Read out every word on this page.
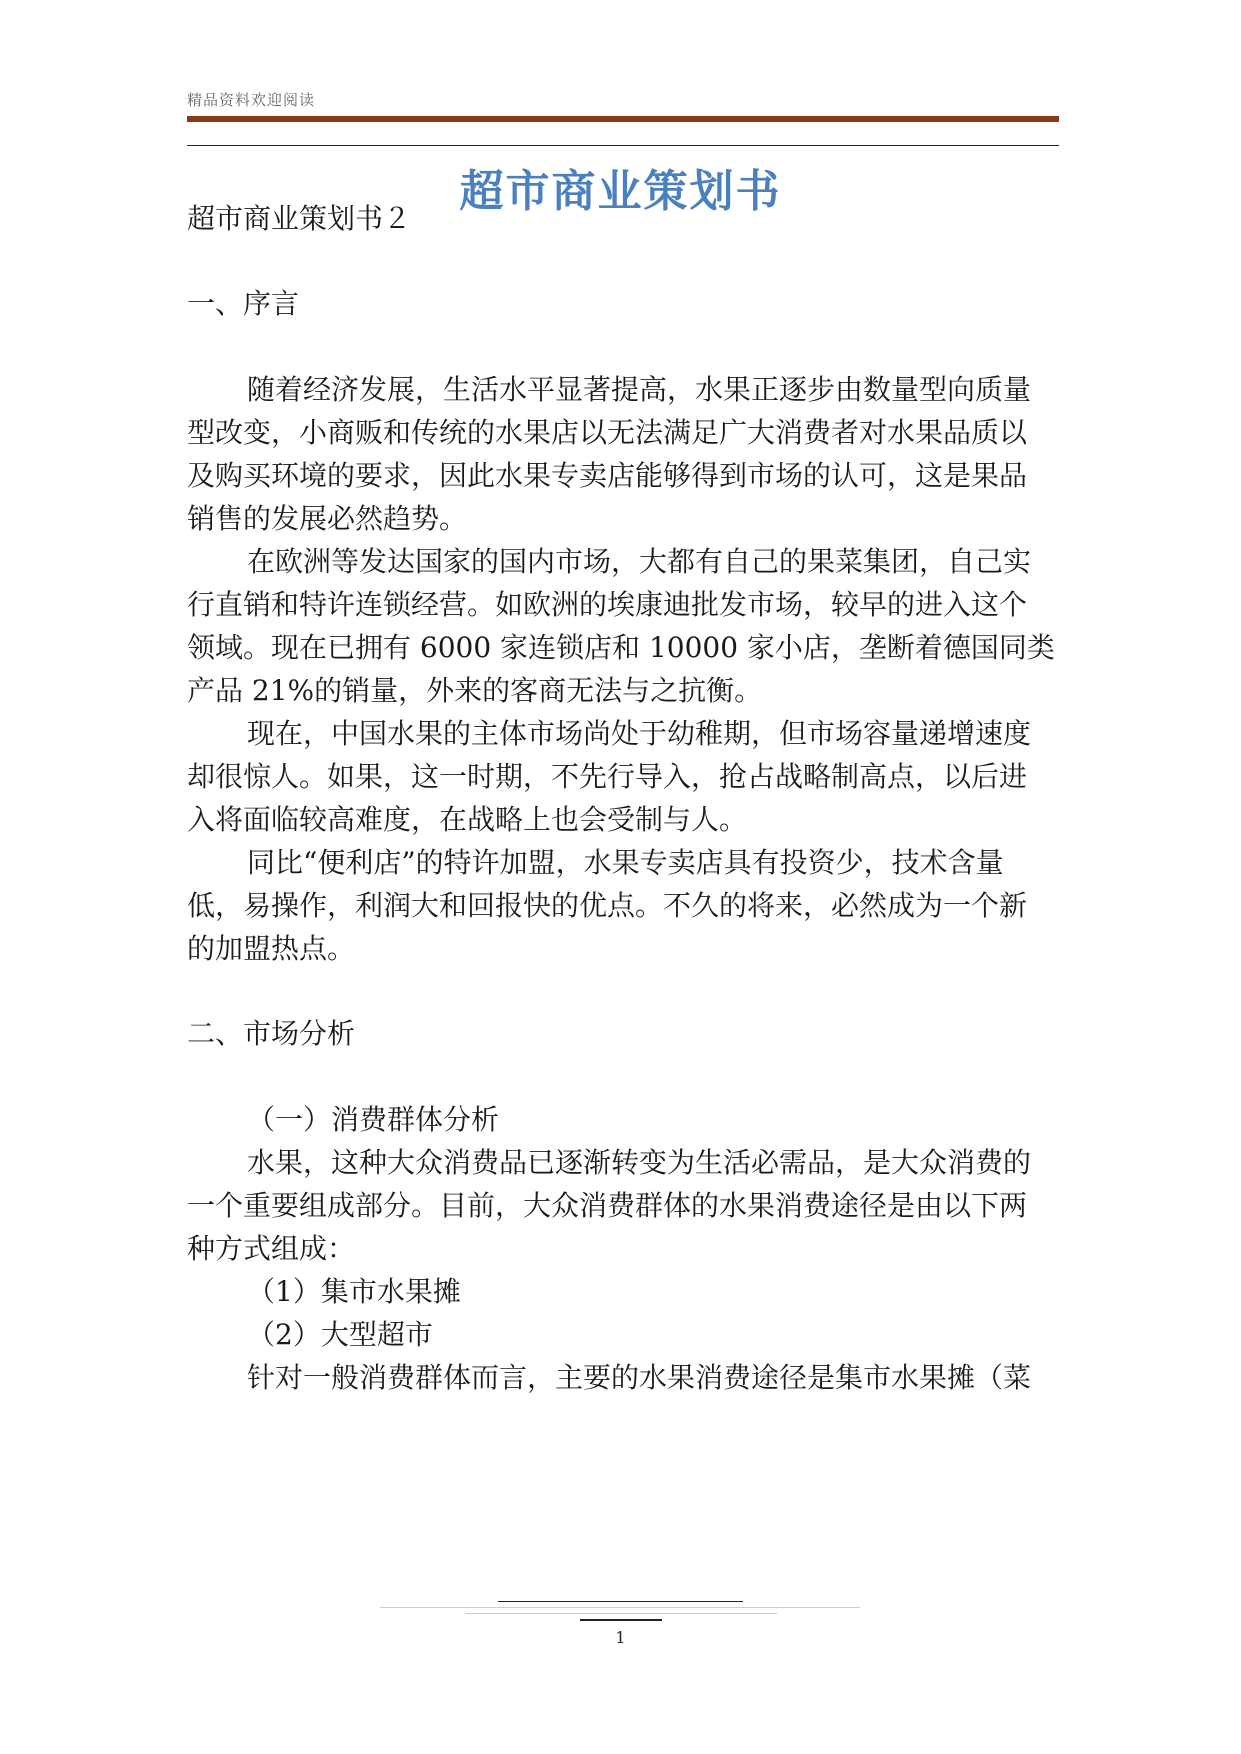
精品资料欢迎阅读
超市商业策划书
超市商业策划书２
一、序言
随着经济发展，生活水平显著提高，水果正逐步由数量型向质量
型改变，小商贩和传统的水果店以无法满足广大消费者对水果品质以
及购买环境的要求，因此水果专卖店能够得到市场的认可，这是果品
销售的发展必然趋势。
在欧洲等发达国家的国内市场，大都有自己的果菜集团，自己实
行直销和特许连锁经营。如欧洲的埃康迪批发市场，较早的进入这个
领域。现在已拥有 6000 家连锁店和 10000 家小店，垄断着德国同类
产品 21%的销量，外来的客商无法与之抗衡。
现在，中国水果的主体市场尚处于幼稚期，但市场容量递增速度
却很惊人。如果，这一时期，不先行导入，抢占战略制高点，以后进
入将面临较高难度，在战略上也会受制与人。
同比“便利店”的特许加盟，水果专卖店具有投资少，技术含量
低，易操作，利润大和回报快的优点。不久的将来，必然成为一个新
的加盟热点。
二、市场分析
（一）消费群体分析
水果，这种大众消费品已逐渐转变为生活必需品，是大众消费的
一个重要组成部分。目前，大众消费群体的水果消费途径是由以下两
种方式组成：
（1）集市水果摊
（2）大型超市
针对一般消费群体而言，主要的水果消费途径是集市水果摊（菜
1
